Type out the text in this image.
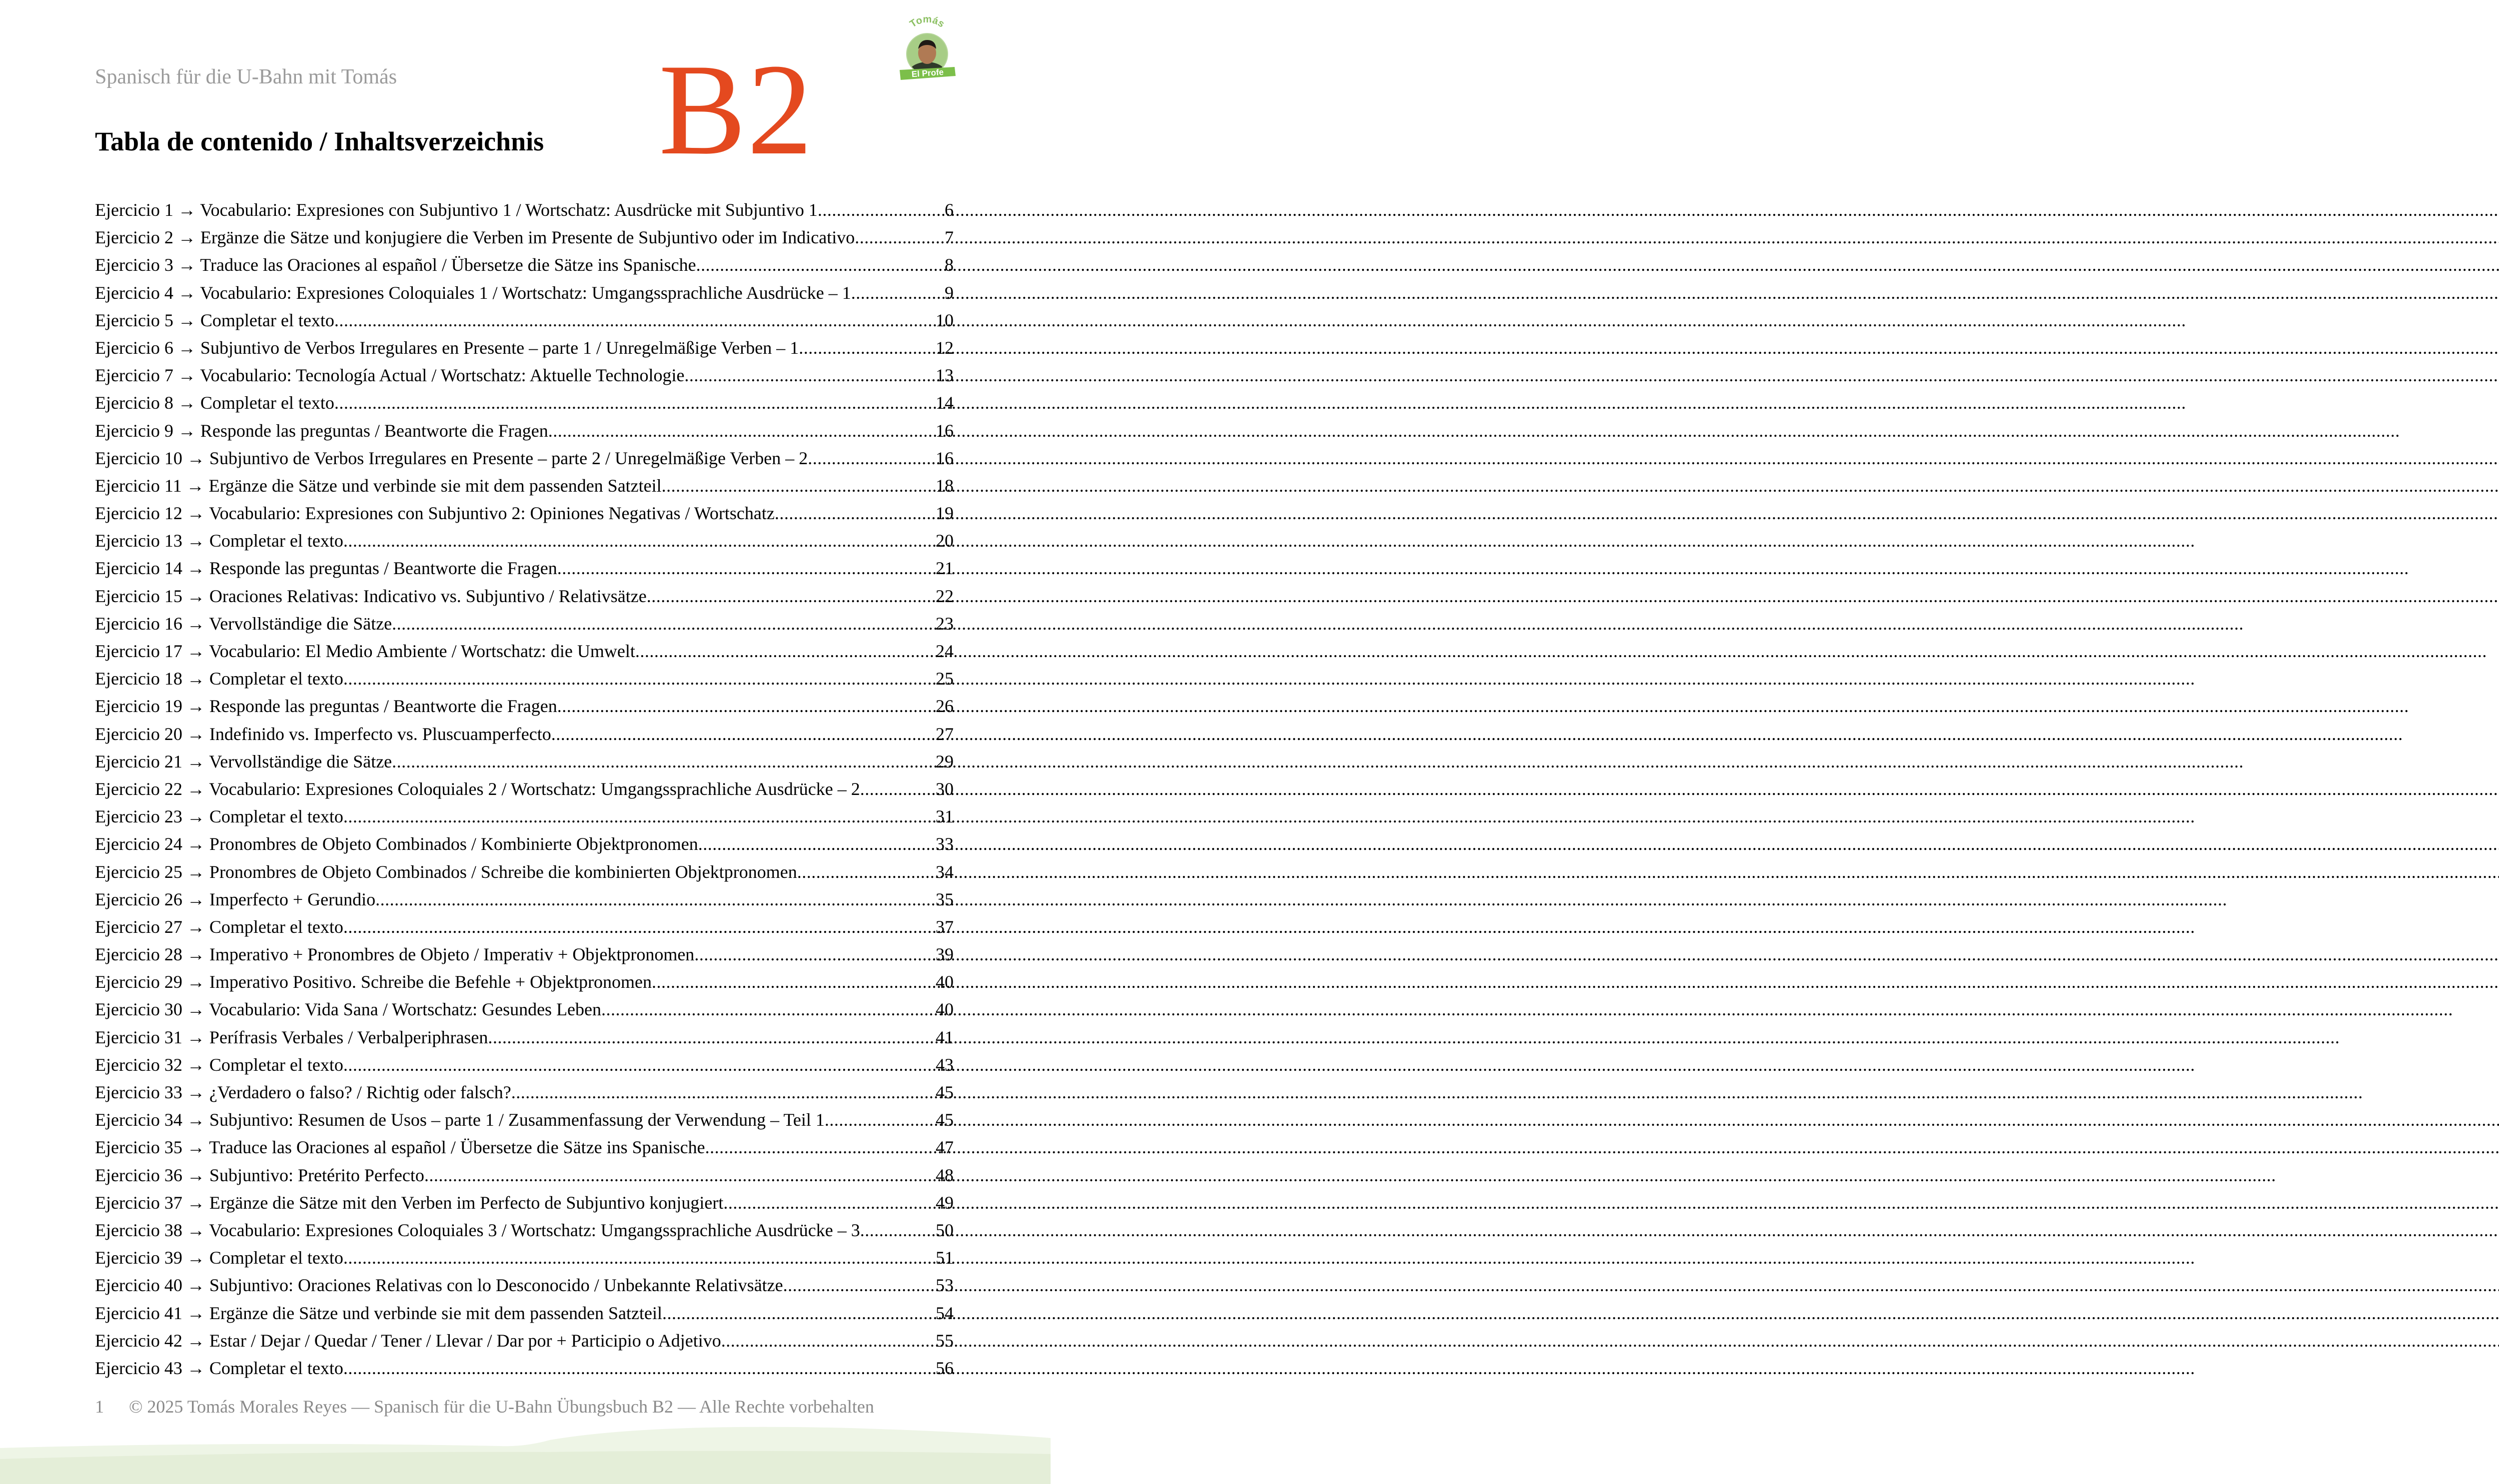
Spanisch für die U-Bahn mit Tomás B2
Tomás
El Profe
Tabla de contenido / Inhaltsverzeichnis
Ejercicio 1 → Vocabulario: Expresiones con Subjuntivo 1 / Wortschatz: Ausdrücke mit Subjuntivo 1 .....	6
Ejercicio 2 → Ergänze die Sätze und konjugiere die Verben im Presente de Subjuntivo oder im Indicativo .....	7
Ejercicio 3 → Traduce las Oraciones al español / Übersetze die Sätze ins Spanische .....	8
Ejercicio 4 → Vocabulario: Expresiones Coloquiales 1 / Wortschatz: Umgangssprachliche Ausdrücke – 1 .....	9
Ejercicio 5 → Completar el texto .....	10
Ejercicio 6 → Subjuntivo de Verbos Irregulares en Presente – parte 1 / Unregelmäßige Verben – 1 .....	12
Ejercicio 7 → Vocabulario: Tecnología Actual / Wortschatz: Aktuelle Technologie .....	13
Ejercicio 8 → Completar el texto .....	14
Ejercicio 9 → Responde las preguntas / Beantworte die Fragen .....	16
Ejercicio 10 → Subjuntivo de Verbos Irregulares en Presente – parte 2 / Unregelmäßige Verben – 2 .....	16
Ejercicio 11 → Ergänze die Sätze und verbinde sie mit dem passenden Satzteil .....	18
Ejercicio 12 → Vocabulario: Expresiones con Subjuntivo 2: Opiniones Negativas / Wortschatz .....	19
Ejercicio 13 → Completar el texto .....	20
Ejercicio 14 → Responde las preguntas / Beantworte die Fragen .....	21
Ejercicio 15 → Oraciones Relativas: Indicativo vs. Subjuntivo / Relativsätze .....	22
Ejercicio 16 → Vervollständige die Sätze .....	23
Ejercicio 17 → Vocabulario: El Medio Ambiente / Wortschatz: die Umwelt .....	24
Ejercicio 18 → Completar el texto .....	25
Ejercicio 19 → Responde las preguntas / Beantworte die Fragen .....	26
Ejercicio 20 → Indefinido vs. Imperfecto vs. Pluscuamperfecto .....	27
Ejercicio 21 → Vervollständige die Sätze .....	29
Ejercicio 22 → Vocabulario: Expresiones Coloquiales 2 / Wortschatz: Umgangssprachliche Ausdrücke – 2 .....	30
Ejercicio 23 → Completar el texto .....	31
Ejercicio 24 → Pronombres de Objeto Combinados / Kombinierte Objektpronomen .....	33
Ejercicio 25 → Pronombres de Objeto Combinados / Schreibe die kombinierten Objektpronomen .....	34
Ejercicio 26 → Imperfecto + Gerundio .....	35
Ejercicio 27 → Completar el texto .....	37
Ejercicio 28 → Imperativo + Pronombres de Objeto / Imperativ + Objektpronomen .....	39
Ejercicio 29 → Imperativo Positivo. Schreibe die Befehle + Objektpronomen .....	40
Ejercicio 30 → Vocabulario: Vida Sana / Wortschatz: Gesundes Leben .....	40
Ejercicio 31 → Perífrasis Verbales / Verbalperiphrasen .....	41
Ejercicio 32 → Completar el texto .....	43
Ejercicio 33 → ¿Verdadero o falso? / Richtig oder falsch? .....	45
Ejercicio 34 → Subjuntivo: Resumen de Usos – parte 1 / Zusammenfassung der Verwendung – Teil 1 .....	45
Ejercicio 35 → Traduce las Oraciones al español / Übersetze die Sätze ins Spanische .....	47
Ejercicio 36 → Subjuntivo: Pretérito Perfecto .....	48
Ejercicio 37 → Ergänze die Sätze mit den Verben im Perfecto de Subjuntivo konjugiert .....	49
Ejercicio 38 → Vocabulario: Expresiones Coloquiales 3 / Wortschatz: Umgangssprachliche Ausdrücke – 3 .....	50
Ejercicio 39 → Completar el texto .....	51
Ejercicio 40 → Subjuntivo: Oraciones Relativas con lo Desconocido / Unbekannte Relativsätze .....	53
Ejercicio 41 → Ergänze die Sätze und verbinde sie mit dem passenden Satzteil .....	54
Ejercicio 42 → Estar / Dejar / Quedar / Tener / Llevar / Dar por + Participio o Adjetivo .....	55
Ejercicio 43 → Completar el texto .....	56
1 © 2025 Tomás Morales Reyes — Spanisch für die U-Bahn Übungsbuch B2 — Alle Rechte vorbehalten
